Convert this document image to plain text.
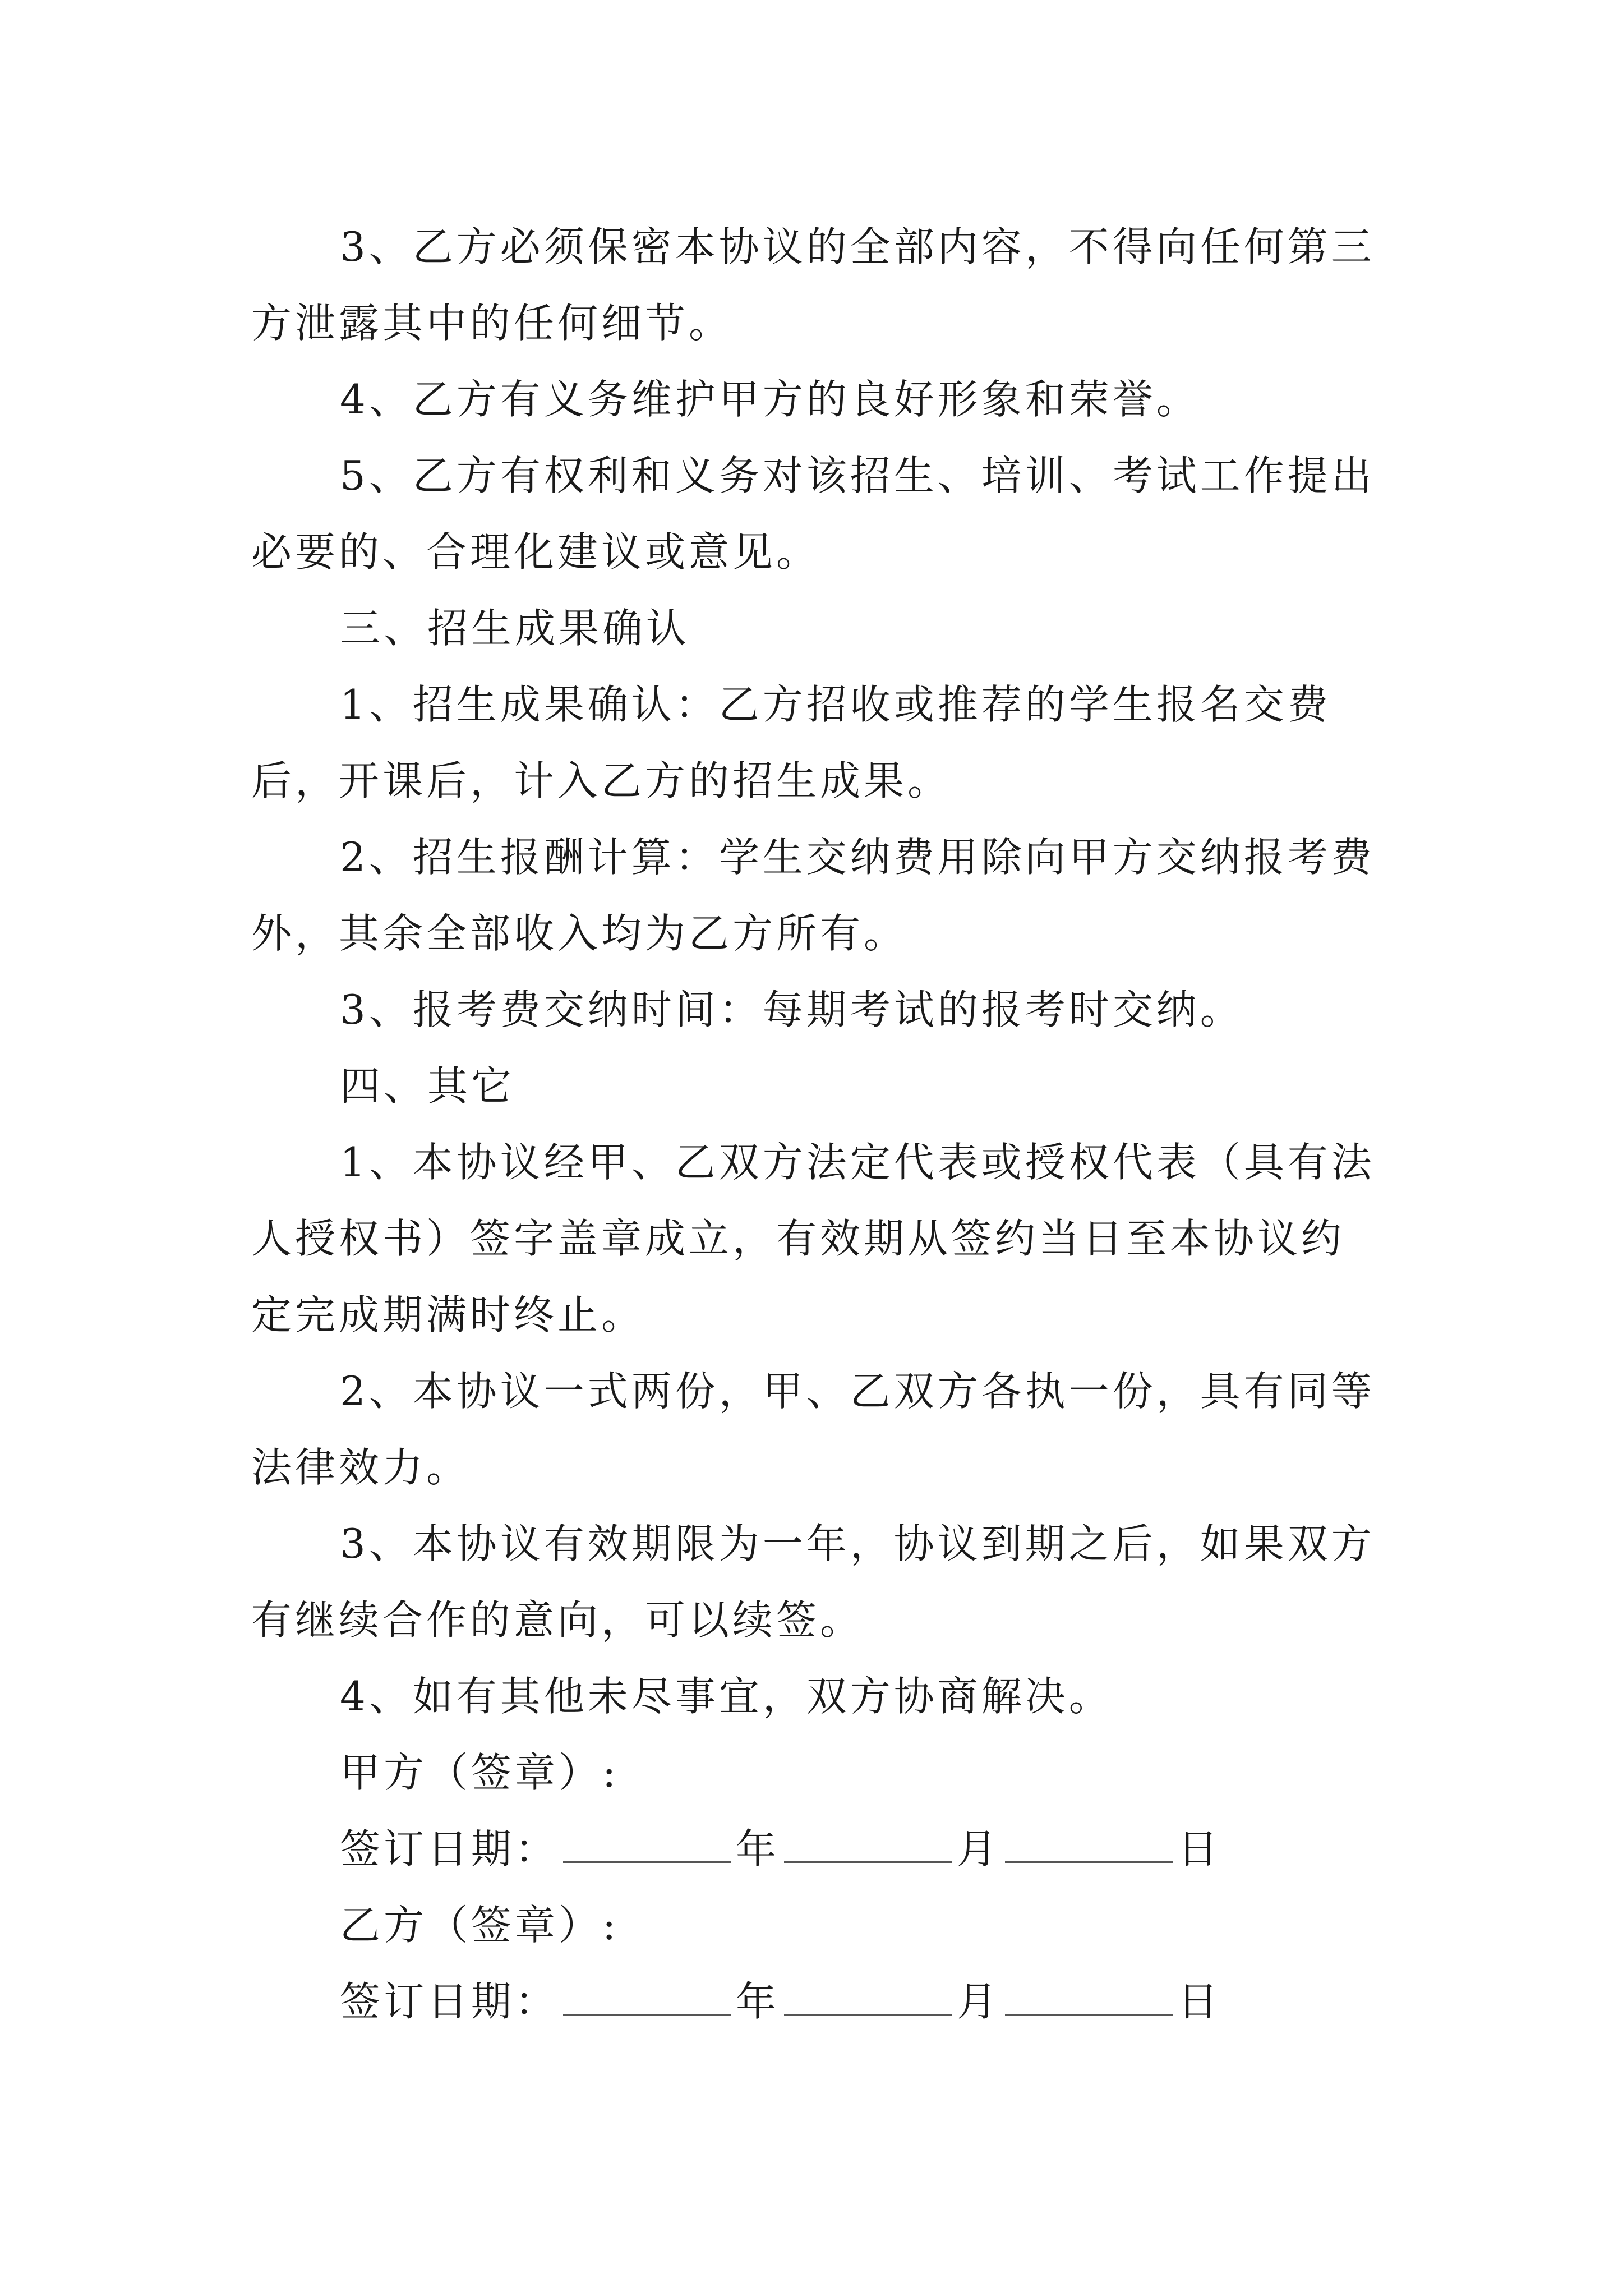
3、乙方必须保密本协议的全部内容，不得向任何第三方泄露其中的任何细节。

4、乙方有义务维护甲方的良好形象和荣誉。

5、乙方有权利和义务对该招生、培训、考试工作提出必要的、合理化建议或意见。

三、招生成果确认

1、招生成果确认：乙方招收或推荐的学生报名交费后，开课后，计入乙方的招生成果。

2、招生报酬计算：学生交纳费用除向甲方交纳报考费外，其余全部收入均为乙方所有。

3、报考费交纳时间：每期考试的报考时交纳。

四、其它

1、本协议经甲、乙双方法定代表或授权代表（具有法人授权书）签字盖章成立，有效期从签约当日至本协议约定完成期满时终止。

2、本协议一式两份，甲、乙双方各执一份，具有同等法律效力。

3、本协议有效期限为一年，协议到期之后，如果双方有继续合作的意向，可以续签。

4、如有其他未尽事宜，双方协商解决。

甲方（签章）:

签订日期：	年	月	日

乙方（签章）:

签订日期：	年	月	日
